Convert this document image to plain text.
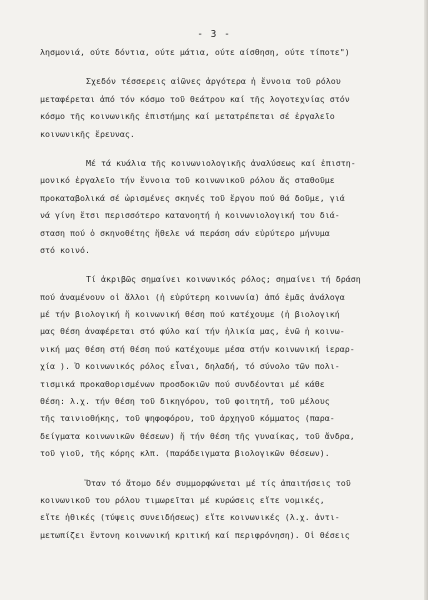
- 3 -
λησμονιά, ούτε δόντια, ούτε μάτια, ούτε αίσθηση, ούτε τίποτε")
Σχεδόν τέσσερεις αἰῶνες ἀργότερα ἡ ἔννοια τοῦ ρόλου
μεταφέρεται ἀπό τόν κόσμο τοῦ θεάτρου καί τῆς λογοτεχνίας στόν
κόσμο τῆς κοινωνικῆς ἐπιστήμης καί μετατρέπεται σέ ἐργαλεῖο
κοινωνικῆς ἔρευνας.
Μέ τά κυάλια τῆς κοινωνιολογικῆς ἀναλύσεως καί ἐπιστη-
μονικό ἐργαλεῖο τήν ἔννοια τοῦ κοινωνικοῦ ρόλου ἄς σταθοῦμε
προκαταβολικά σέ ὡρισμένες σκηνές τοῦ ἔργου πού θά δοῦμε, γιά
νά γίνη ἔτσι περισσότερο κατανοητή ἡ κοινωνιολογική του διά-
σταση πού ὁ σκηνοθέτης ἤθελε νά περάση σάν εὐρύτερο μήνυμα
στό κοινό.
Τί ἀκριβῶς σημαίνει κοινωνικός ρόλος; σημαίνει τή δράση
πού ἀναμένουν οἱ ἄλλοι (ἡ εὐρύτερη κοινωνία) ἀπό ἐμᾶς ἀνάλογα
μέ τήν βιολογική ἤ κοινωνική θέση πού κατέχουμε (ἡ βιολογική
μας θέση ἀναφέρεται στό φύλο καί τήν ἡλικία μας, ἐνῶ ἡ κοινω-
νική μας θέση στή θέση πού κατέχουμε μέσα στήν κοινωνική ἱεραρ-
χία ). Ὁ κοινωνικός ρόλος εἶναι, δηλαδή, τό σύνολο τῶν πολι-
τισμικά προκαθορισμένων προσδοκιῶν πού συνδέονται μέ κάθε
θέση: λ.χ. τήν θέση τοῦ δικηγόρου, τοῦ φοιτητῆ, τοῦ μέλους
τῆς ταινιοθήκης, τοῦ ψηφοφόρου, τοῦ ἀρχηγοῦ κόμματος (παρα-
δείγματα κοινωνικῶν θέσεων) ἤ τήν θέση τῆς γυναίκας, τοῦ ἄνδρα,
τοῦ γιοῦ, τῆς κόρης κλπ. (παράδειγματα βιολογικῶν θέσεων).
Ὅταν τό ἄτομο δέν συμμορφώνεται μέ τίς ἀπαιτήσεις τοῦ
κοινωνικοῦ του ρόλου τιμωρεῖται μέ κυρώσεις εἴτε νομικές,
εἴτε ἠθικές (τύψεις συνειδήσεως) εἴτε κοινωνικές (λ.χ. ἀντι-
μετωπίζει ἔντονη κοινωνική κριτική καί περιφρόνηση). Οἱ θέσεις
